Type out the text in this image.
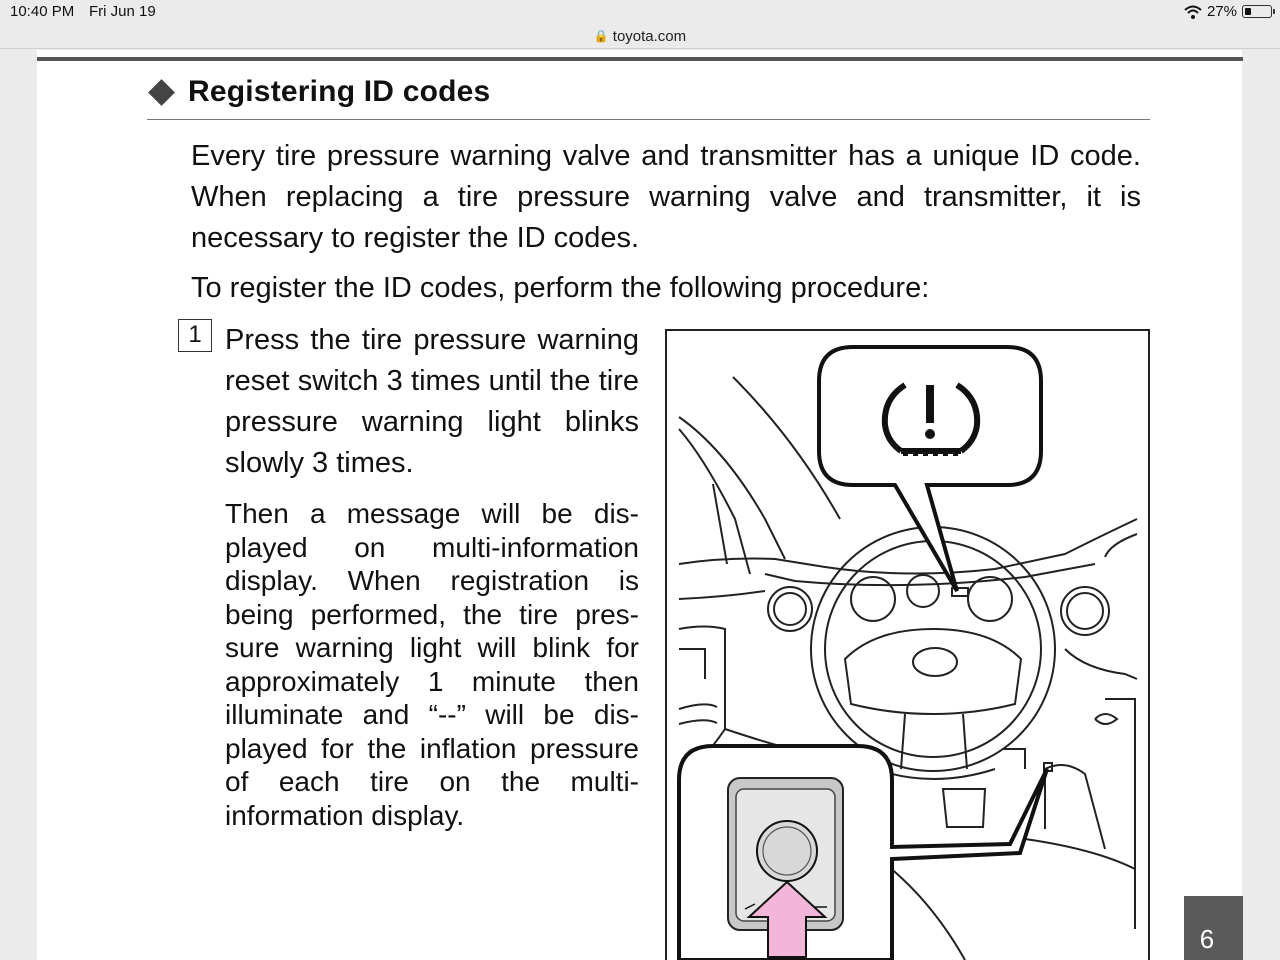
10:40 PM Fri Jun 19	27%
🔒 toyota.com
Registering ID codes

Every tire pressure warning valve and transmitter has a unique ID code. When replacing a tire pressure warning valve and transmitter, it is necessary to register the ID codes.

To register the ID codes, perform the following procedure:

1 Press the tire pressure warning reset switch 3 times until the tire pressure warning light blinks slowly 3 times.

Then a message will be displayed on multi-information display. When registration is being performed, the tire pressure warning light will blink for approximately 1 minute then illuminate and “--” will be displayed for the inflation pressure of each tire on the multi-information display.

6
